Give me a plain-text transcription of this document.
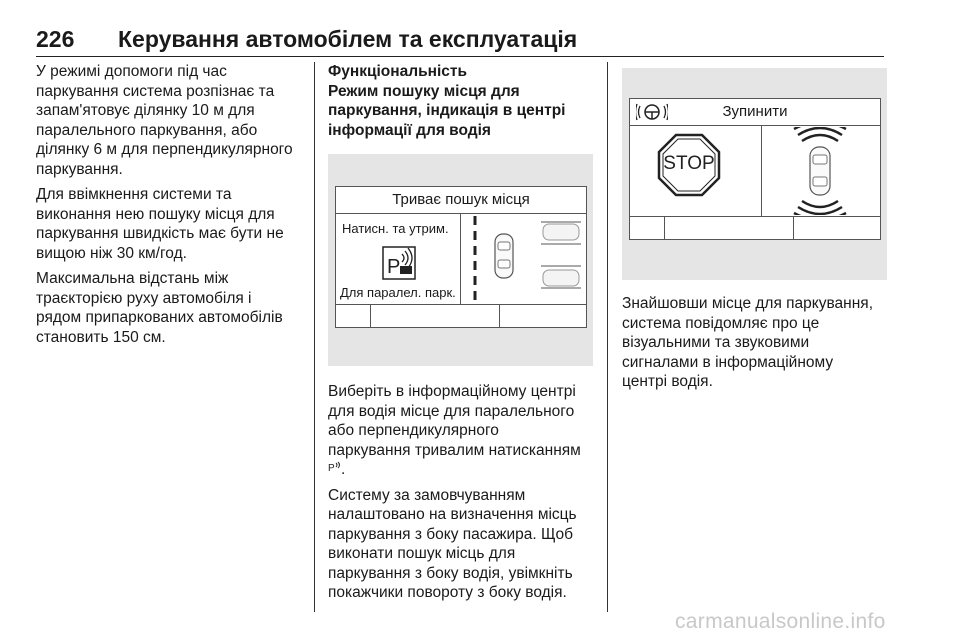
226 Керування автомобілем та експлуатація

У режимі допомоги під час
паркування система розпізнає та
запам'ятовує ділянку 10 м для
паралельного паркування, або
ділянку 6 м для перпендикулярного
паркування.

Для ввімкнення системи та
виконання нею пошуку місця для
паркування швидкість має бути не
вищою ніж 30 км/год.

Максимальна відстань між
траєкторією руху автомобіля і
рядом припаркованих автомобілів
становить 150 см.

Функціональність

Режим пошуку місця для
паркування, індикація в центрі
інформації для водія

Триває пошук місця
Натисн. та утрим.
P
Для паралел. парк.

Виберіть в інформаційному центрі
для водія місце для паралельного
або перпендикулярного
паркування тривалим натисканням

P .

Систему за замовчуванням
налаштовано на визначення місць
паркування з боку пасажира. Щоб
виконати пошук місць для
паркування з боку водія, увімкніть
покажчики повороту з боку водія.

Зупинити
STOP

Знайшовши місце для паркування,
система повідомляє про це
візуальними та звуковими
сигналами в інформаційному
центрі водія.

carmanualsonline.info
